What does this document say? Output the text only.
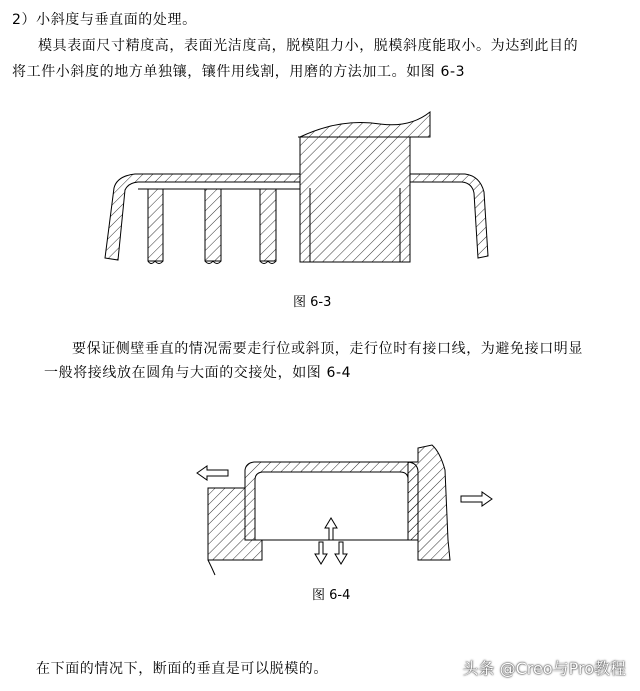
2）小斜度与垂直面的处理。
模具表面尺寸精度高，表面光洁度高，脱模阻力小，脱模斜度能取小。为达到此目的
将工件小斜度的地方单独镶，镶件用线割，用磨的方法加工。如图 6-3
图 6-3
要保证侧壁垂直的情况需要走行位或斜顶，走行位时有接口线，为避免接口明显
一般将接线放在圆角与大面的交接处，如图 6-4
图 6-4
在下面的情况下，断面的垂直是可以脱模的。	头条 @Creo与Pro教程
